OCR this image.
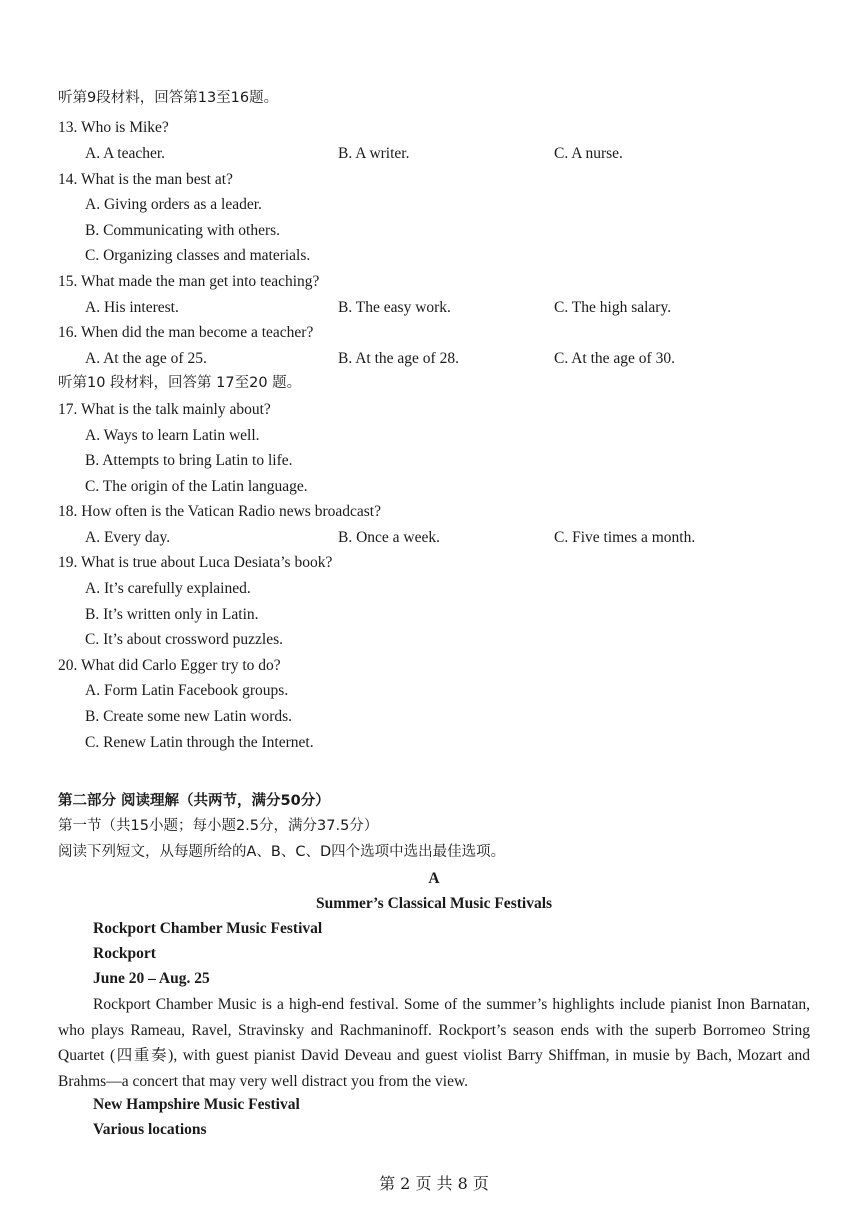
听第9段材料，回答第13至16题。
13. Who is Mike?
A. A teacher.	B. A writer.	C. A nurse.
14. What is the man best at?
A. Giving orders as a leader.
B. Communicating with others.
C. Organizing classes and materials.
15. What made the man get into teaching?
A. His interest.	B. The easy work.	C. The high salary.
16. When did the man become a teacher?
A. At the age of 25.	B. At the age of 28.	C. At the age of 30.
听第10 段材料，回答第 17至20 题。
17. What is the talk mainly about?
A. Ways to learn Latin well.
B. Attempts to bring Latin to life.
C. The origin of the Latin language.
18. How often is the Vatican Radio news broadcast?
A. Every day.	B. Once a week.	C. Five times a month.
19. What is true about Luca Desiata’s book?
A. It’s carefully explained.
B. It’s written only in Latin.
C. It’s about crossword puzzles.
20. What did Carlo Egger try to do?
A. Form Latin Facebook groups.
B. Create some new Latin words.
C. Renew Latin through the Internet.
第二部分 阅读理解（共两节，满分50分）
第一节（共15小题；每小题2.5分，满分37.5分）
阅读下列短文，从每题所给的A、B、C、D四个选项中选出最佳选项。
A
Summer’s Classical Music Festivals
Rockport Chamber Music Festival
Rockport
June 20 – Aug. 25
Rockport Chamber Music is a high-end festival. Some of the summer’s highlights include pianist Inon Barnatan, who plays Rameau, Ravel, Stravinsky and Rachmaninoff. Rockport’s season ends with the superb Borromeo String Quartet (四重奏), with guest pianist David Deveau and guest violist Barry Shiffman, in musie by Bach, Mozart and Brahms—a concert that may very well distract you from the view.
New Hampshire Music Festival
Various locations
第 2 页 共 8 页
